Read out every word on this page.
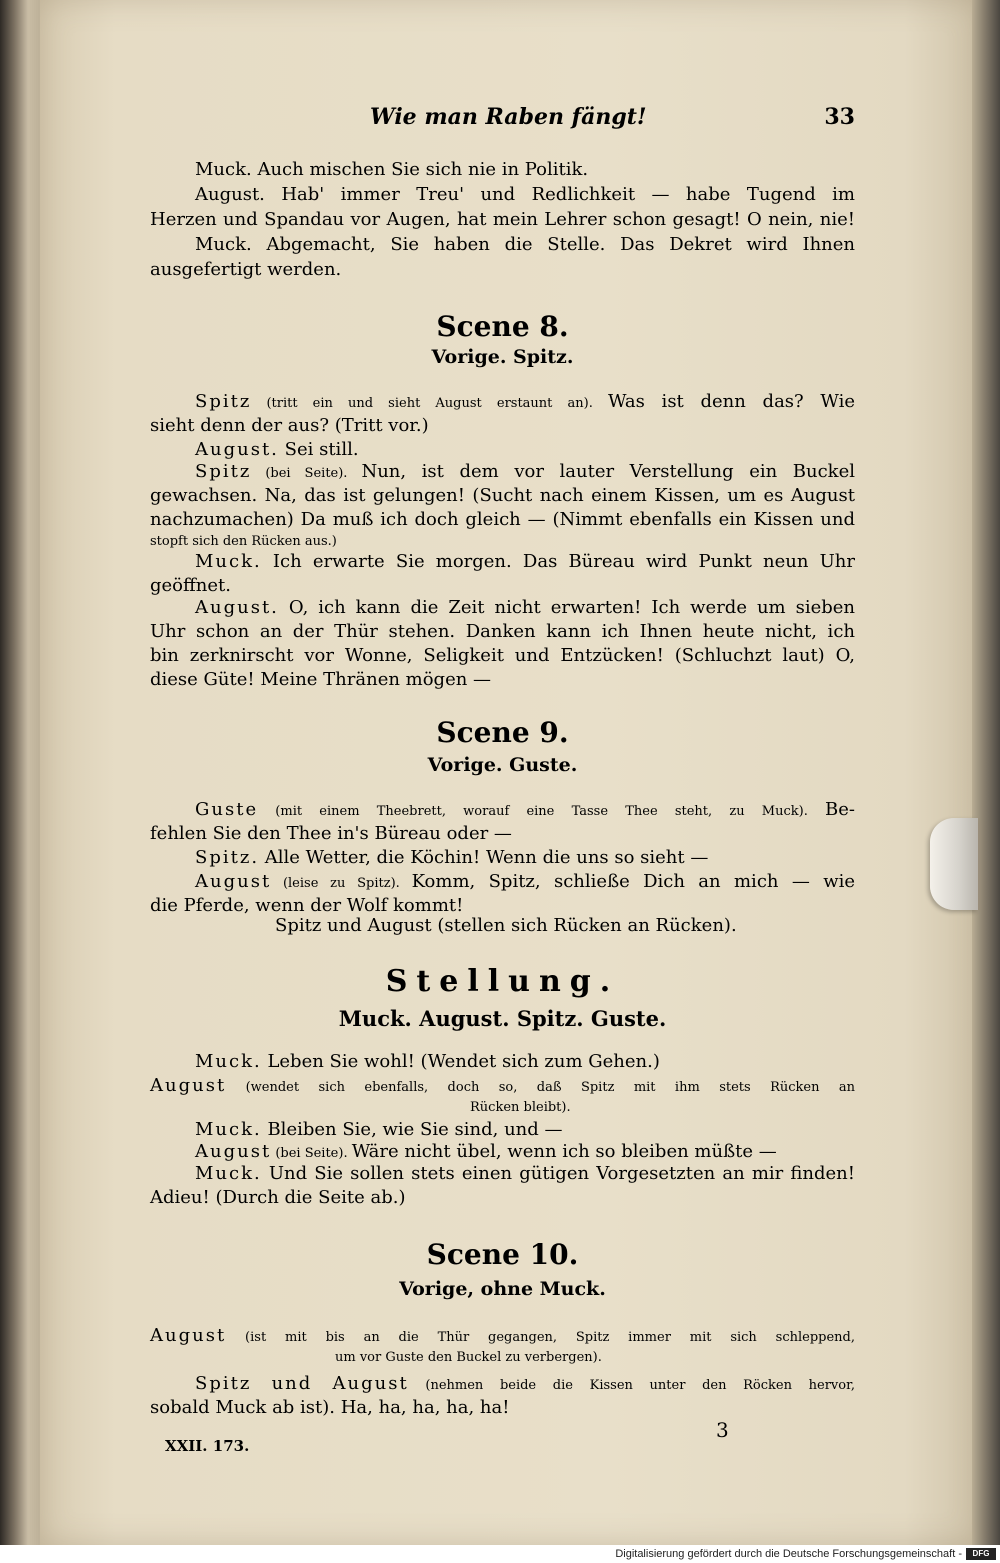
Wie man Raben fängt!	33
Muck. Auch mischen Sie sich nie in Politik.
August. Hab' immer Treu' und Redlichkeit — habe Tugend im
Herzen und Spandau vor Augen, hat mein Lehrer schon gesagt! O nein, nie!
Muck. Abgemacht, Sie haben die Stelle. Das Dekret wird Ihnen
ausgefertigt werden.
Scene 8.
Vorige. Spitz.
Spitz (tritt ein und sieht August erstaunt an). Was ist denn das? Wie
sieht denn der aus? (Tritt vor.)
August. Sei still.
Spitz (bei Seite). Nun, ist dem vor lauter Verstellung ein Buckel
gewachsen. Na, das ist gelungen! (Sucht nach einem Kissen, um es August
nachzumachen) Da muß ich doch gleich — (Nimmt ebenfalls ein Kissen und
stopft sich den Rücken aus.)
Muck. Ich erwarte Sie morgen. Das Büreau wird Punkt neun Uhr
geöffnet.
August. O, ich kann die Zeit nicht erwarten! Ich werde um sieben
Uhr schon an der Thür stehen. Danken kann ich Ihnen heute nicht, ich
bin zerknirscht vor Wonne, Seligkeit und Entzücken! (Schluchzt laut) O,
diese Güte! Meine Thränen mögen —
Scene 9.
Vorige. Guste.
Guste (mit einem Theebrett, worauf eine Tasse Thee steht, zu Muck). Be-
fehlen Sie den Thee in's Büreau oder —
Spitz. Alle Wetter, die Köchin! Wenn die uns so sieht —
August (leise zu Spitz). Komm, Spitz, schließe Dich an mich — wie
die Pferde, wenn der Wolf kommt!
Spitz und August (stellen sich Rücken an Rücken).
Stellung.
Muck. August. Spitz. Guste.
Muck. Leben Sie wohl! (Wendet sich zum Gehen.)
August (wendet sich ebenfalls, doch so, daß Spitz mit ihm stets Rücken an
Rücken bleibt).
Muck. Bleiben Sie, wie Sie sind, und —
August (bei Seite). Wäre nicht übel, wenn ich so bleiben müßte —
Muck. Und Sie sollen stets einen gütigen Vorgesetzten an mir finden!
Adieu! (Durch die Seite ab.)
Scene 10.
Vorige, ohne Muck.
August (ist mit bis an die Thür gegangen, Spitz immer mit sich schleppend,
um vor Guste den Buckel zu verbergen).
Spitz und August (nehmen beide die Kissen unter den Röcken hervor,
sobald Muck ab ist). Ha, ha, ha, ha, ha!
XXII. 173.
3
Digitalisierung gefördert durch die Deutsche Forschungsgemeinschaft -	DFG
